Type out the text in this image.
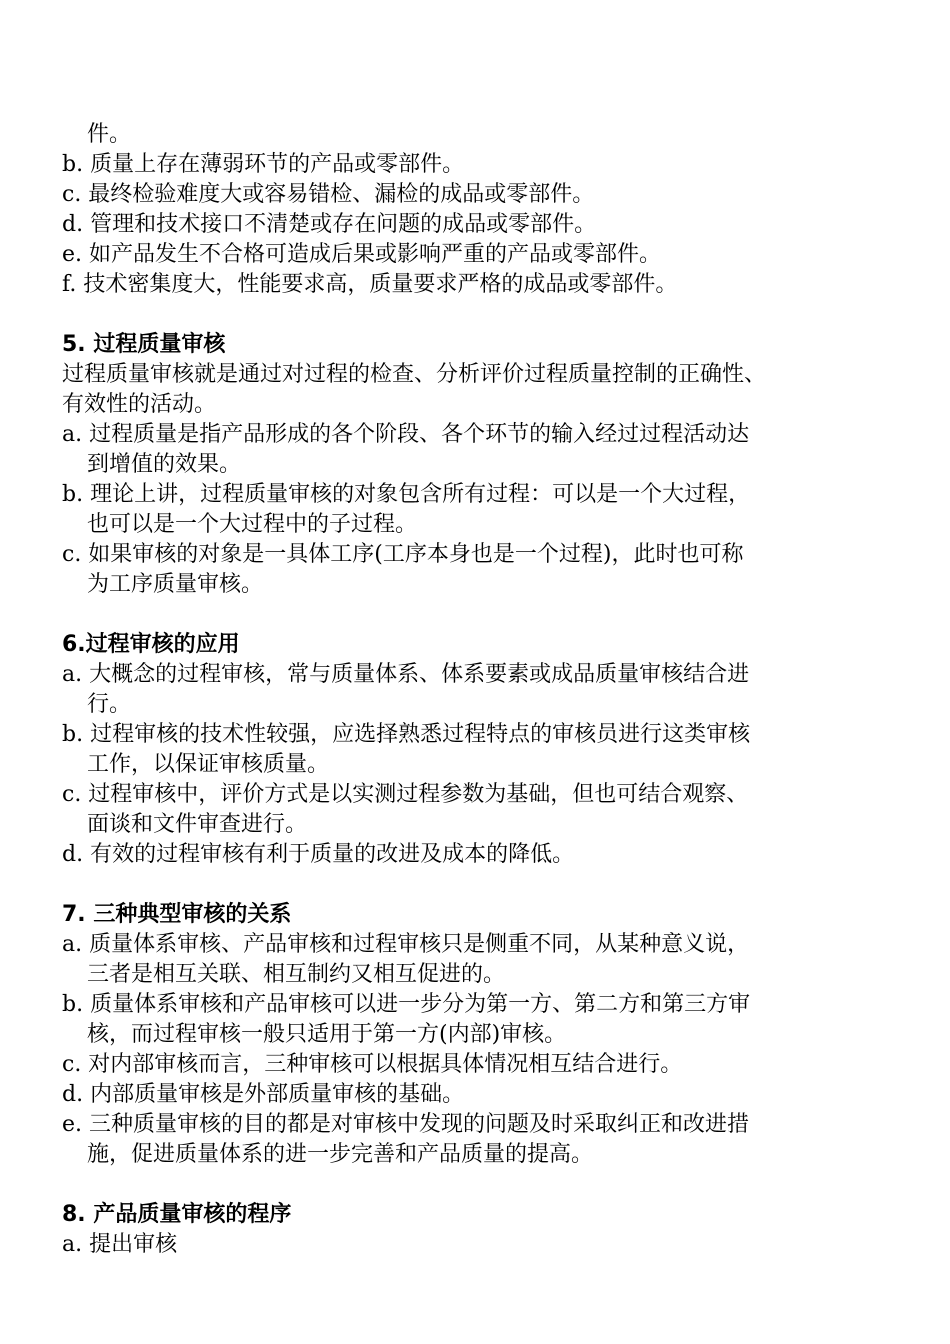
件。
b. 质量上存在薄弱环节的产品或零部件。
c. 最终检验难度大或容易错检、漏检的成品或零部件。
d. 管理和技术接口不清楚或存在问题的成品或零部件。
e. 如产品发生不合格可造成后果或影响严重的产品或零部件。
f. 技术密集度大，性能要求高，质量要求严格的成品或零部件。
5. 过程质量审核
过程质量审核就是通过对过程的检查、分析评价过程质量控制的正确性、
有效性的活动。
a. 过程质量是指产品形成的各个阶段、各个环节的输入经过过程活动达
到增值的效果。
b. 理论上讲，过程质量审核的对象包含所有过程：可以是一个大过程，
也可以是一个大过程中的子过程。
c. 如果审核的对象是一具体工序(工序本身也是一个过程)，此时也可称
为工序质量审核。
6.过程审核的应用
a. 大概念的过程审核，常与质量体系、体系要素或成品质量审核结合进
行。
b. 过程审核的技术性较强，应选择熟悉过程特点的审核员进行这类审核
工作，以保证审核质量。
c. 过程审核中，评价方式是以实测过程参数为基础，但也可结合观察、
面谈和文件审查进行。
d. 有效的过程审核有利于质量的改进及成本的降低。
7. 三种典型审核的关系
a. 质量体系审核、产品审核和过程审核只是侧重不同，从某种意义说，
三者是相互关联、相互制约又相互促进的。
b. 质量体系审核和产品审核可以进一步分为第一方、第二方和第三方审
核，而过程审核一般只适用于第一方(内部)审核。
c. 对内部审核而言，三种审核可以根据具体情况相互结合进行。
d. 内部质量审核是外部质量审核的基础。
e. 三种质量审核的目的都是对审核中发现的问题及时采取纠正和改进措
施，促进质量体系的进一步完善和产品质量的提高。
8. 产品质量审核的程序
a. 提出审核
